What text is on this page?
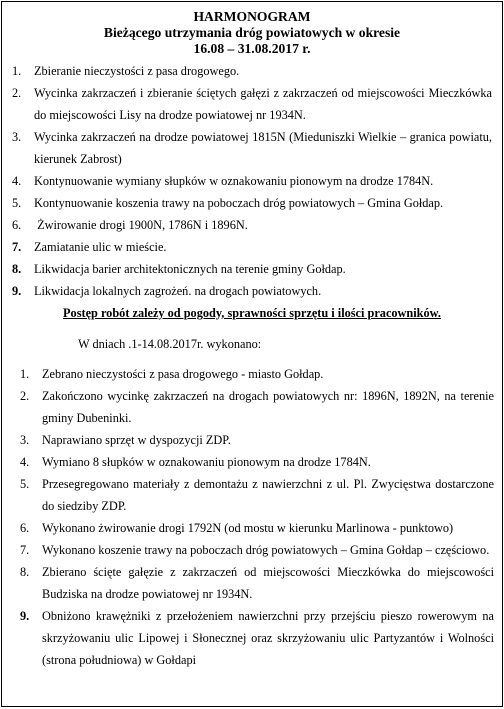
HARMONOGRAM
Bieżącego utrzymania dróg powiatowych w okresie
16.08 – 31.08.2017 r.
1.	Zbieranie nieczystości z pasa drogowego.
2.	Wycinka zakrzaczeń i zbieranie ściętych gałęzi z zakrzaczeń od miejscowości Mieczkówka do miejscowości Lisy na drodze powiatowej nr 1934N.
3.	Wycinka zakrzaczeń na drodze powiatowej 1815N (Mieduniszki Wielkie – granica powiatu, kierunek Zabrost)
4.	Kontynuowanie wymiany słupków w oznakowaniu pionowym na drodze 1784N.
5.	Kontynuowanie koszenia trawy na poboczach dróg powiatowych – Gmina Gołdap.
6.	Żwirowanie drogi 1900N, 1786N i 1896N.
7.	Zamiatanie ulic w mieście.
8.	Likwidacja barier architektonicznych na terenie gminy Gołdap.
9.	Likwidacja lokalnych zagrożeń. na drogach powiatowych.

Postęp robót zależy od pogody, sprawności sprzętu i ilości pracowników.

W dniach .1-14.08.2017r. wykonano:
1.	Zebrano nieczystości z pasa drogowego - miasto Gołdap.
2.	Zakończono wycinkę zakrzaczeń na drogach powiatowych nr: 1896N, 1892N, na terenie gminy Dubeninki.
3.	Naprawiano sprzęt w dyspozycji ZDP.
4.	Wymiano 8 słupków w oznakowaniu pionowym na drodze 1784N.
5.	Przesegregowano materiały z demontażu z nawierzchni z ul. Pl. Zwycięstwa dostarczone do siedziby ZDP.
6.	Wykonano żwirowanie drogi 1792N (od mostu w kierunku Marlinowa - punktowo)
7.	Wykonano koszenie trawy na poboczach dróg powiatowych – Gmina Gołdap – częściowo.
8.	Zbierano ścięte gałęzie z zakrzaczeń od miejscowości Mieczkówka do miejscowości Budziska na drodze powiatowej nr 1934N.
9.	Obniżono krawężniki z przełożeniem nawierzchni przy przejściu pieszo rowerowym na skrzyżowaniu ulic Lipowej i Słonecznej oraz skrzyżowaniu ulic Partyzantów i Wolności (strona południowa) w Gołdapi
